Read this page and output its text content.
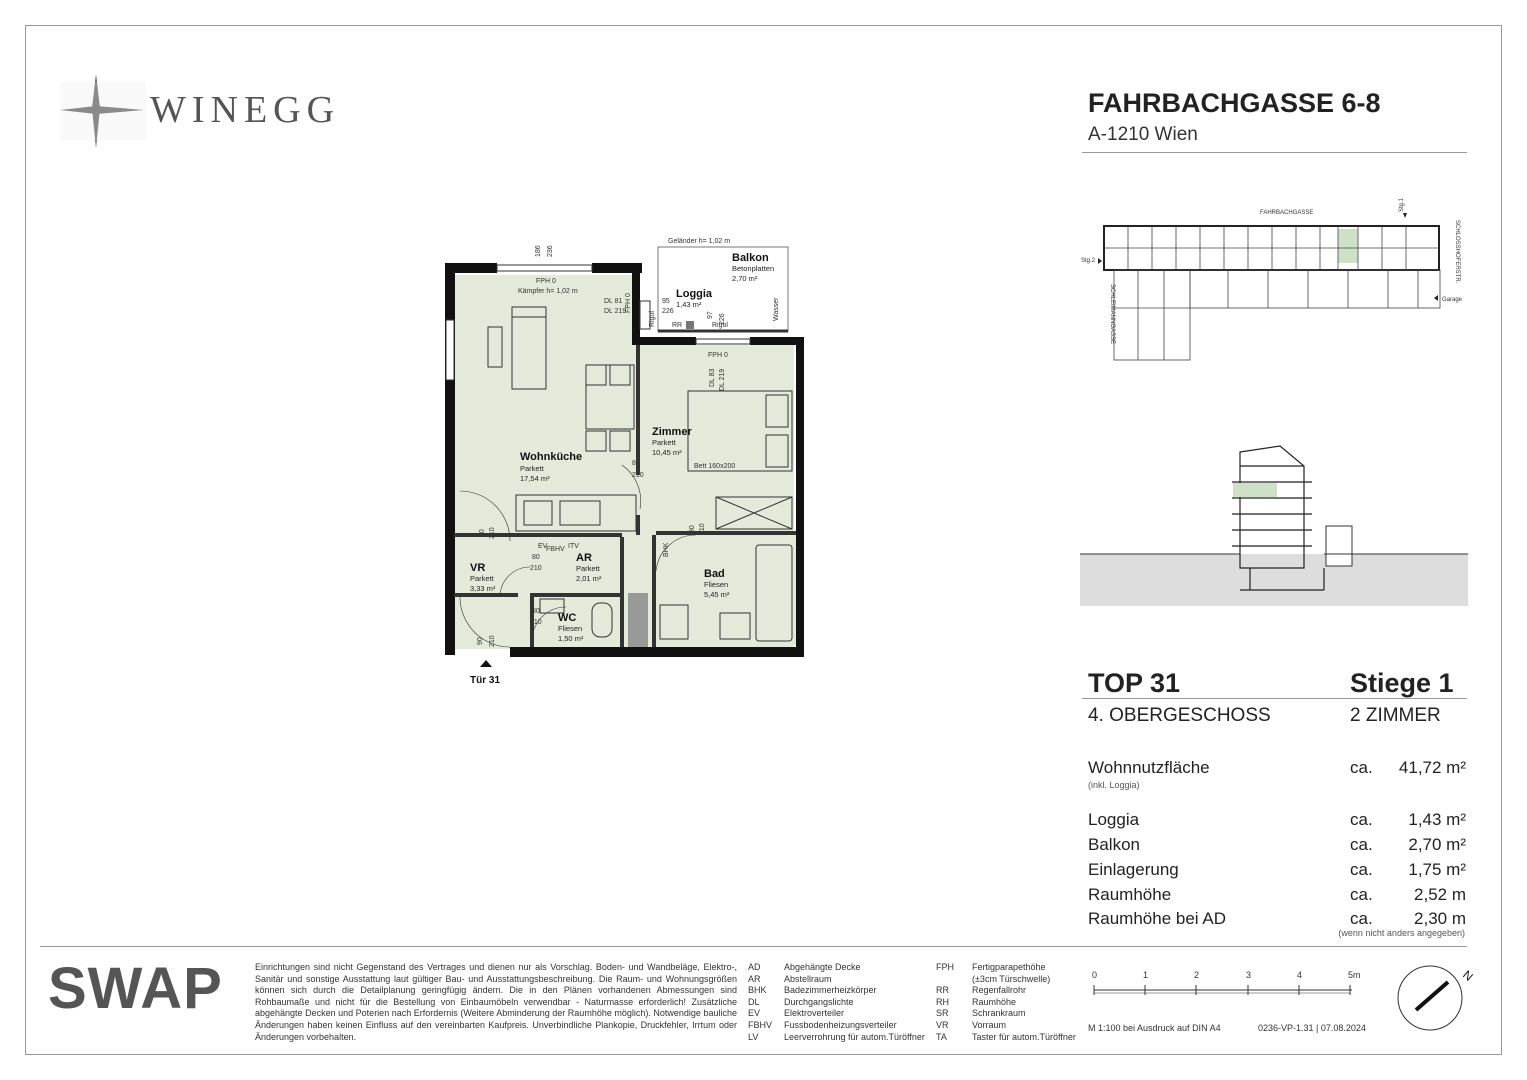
WINEGG	FAHRBACHGASSE 6-8
A-1210 Wien
FAHRBACHGASSE
Stg.1
SCHLOSSHOFERSTR.
Stg.2
SCHLEIMANNGASSE	Garage
TOP 31	Stiege 1
4. OBERGESCHOSS	2 ZIMMER
Wohnnutzfläche	ca. 41,72 m²
(inkl. Loggia)
Loggia	ca. 1,43 m²
Balkon	ca. 2,70 m²
Einlagerung	ca. 1,75 m²
Raumhöhe	ca. 2,52 m
Raumhöhe bei AD	ca. 2,30 m
(wenn nicht anders angegeben)
Wohnküche
Parkett
17,54 m²
Zimmer
Parkett
10,45 m²
Loggia
1,43 m²
Balkon
Betonplatten
2,70 m²
VR
Parkett
3,33 m²
AR
Parkett
2,01 m²
WC
Fliesen
1,50 m²
Bad
Fliesen
5,45 m²
Geländer h= 1,02 m
FPH 0
Kämpfer h= 1,02 m
DL 81
DL 219
FPH 0	95
226
Rigol RR	Rigol
97 226	Wasser
FPH 0
DL 83 DL 219
Bett 160x200
186 236
80
210
80 210
80
210
80
210
80 210
90 210
EV
FBHV ITV	BHK
Tür 31
SWAP	Einrichtungen sind nicht Gegenstand des Vertrages und dienen nur als Vorschlag. Boden- und Wandbeläge, Elektro-, Sanitär und sonstige Ausstattung laut gültiger Bau- und Ausstattungsbeschreibung. Die Raum- und Wohnungsgrößen können sich durch die Detailplanung geringfügig ändern. Die in den Plänen vorhandenen Abmessungen sind Rohbaumaße und nicht für die Bestellung von Einbaumöbeln verwendbar - Naturmasse erforderlich! Zusätzliche abgehängte Decken und Poterien nach Erfordernis (Weitere Abminderung der Raumhöhe möglich). Notwendige bauliche Änderungen haben keinen Einfluss auf den vereinbarten Kaufpreis. Unverbindliche Plankopie, Druckfehler, Irrtum oder Änderungen vorbehalten.
AD	Abgehängte Decke
AR	Abstellraum
BHK	Badezimmerheizkörper
DL	Durchgangslichte
EV	Elektroverteiler
FBHV	Fussbodenheizungsverteiler
LV	Leerverrohrung für autom.Türöffner
FPH	Fertigparapethöhe
(±3cm Türschwelle)
RR	Regenfallrohr
RH	Raumhöhe
SR	Schrankraum
VR	Vorraum
TA	Taster für autom.Türöffner
0	1	2	3	4	5m
M 1:100 bei Ausdruck auf DIN A4	0236-VP-1.31 | 07.08.2024
N
